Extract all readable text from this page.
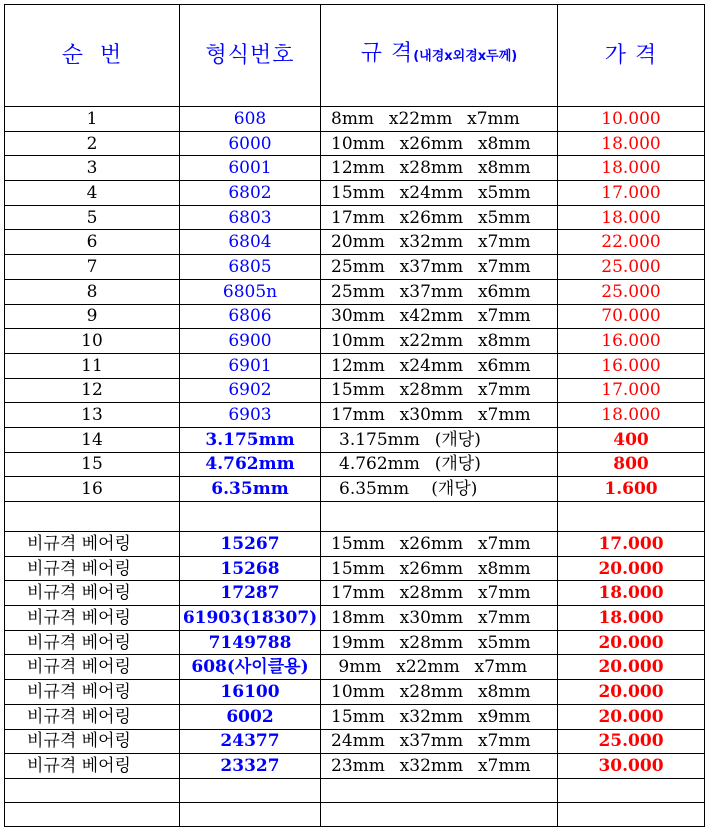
순  번	형식번호	규 격(내경x외경x두께)	가 격
1	608	8mm  x22mm  x7mm	10.000
2	6000	10mm  x26mm  x8mm	18.000
3	6001	12mm  x28mm  x8mm	18.000
4	6802	15mm  x24mm  x5mm	17.000
5	6803	17mm  x26mm  x5mm	18.000
6	6804	20mm  x32mm  x7mm	22.000
7	6805	25mm  x37mm  x7mm	25.000
8	6805n	25mm  x37mm  x6mm	25.000
9	6806	30mm  x42mm  x7mm	70.000
10	6900	10mm  x22mm  x8mm	16.000
11	6901	12mm  x24mm  x6mm	16.000
12	6902	15mm  x28mm  x7mm	17.000
13	6903	17mm  x30mm  x7mm	18.000
14	3.175mm	3.175mm  (개당)	400
15	4.762mm	4.762mm  (개당)	800
16	6.35mm	6.35mm   (개당)	1.600

비규격 베어링	15267	15mm  x26mm  x7mm	17.000
비규격 베어링	15268	15mm  x26mm  x8mm	20.000
비규격 베어링	17287	17mm  x28mm  x7mm	18.000
비규격 베어링	61903(18307)	18mm  x30mm  x7mm	18.000
비규격 베어링	7149788	19mm  x28mm  x5mm	20.000
비규격 베어링	608(사이클용)	9mm  x22mm  x7mm	20.000
비규격 베어링	16100	10mm  x28mm  x8mm	20.000
비규격 베어링	6002	15mm  x32mm  x9mm	20.000
비규격 베어링	24377	24mm  x37mm  x7mm	25.000
비규격 베어링	23327	23mm  x32mm  x7mm	30.000
